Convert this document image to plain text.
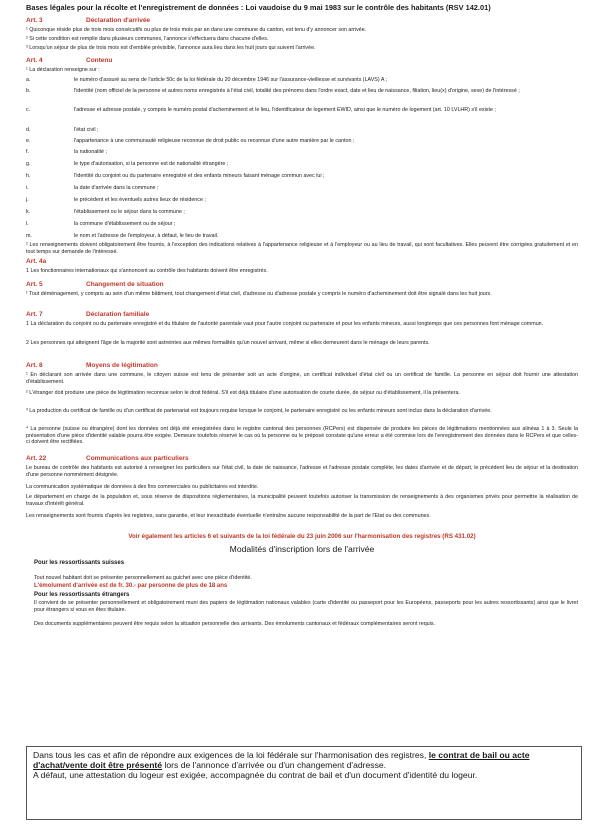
Bases légales pour la récolte et l'enregistrement de données : Loi vaudoise du 9 mai 1983 sur le contrôle des habitants (RSV 142.01)
Art. 3	Déclaration d'arrivée
¹ Quiconque réside plus de trois mois consécutifs ou plus de trois mois par an dans une commune du canton, est tenu d'y annoncer son arrivée.
² Si cette condition est remplie dans plusieurs communes, l'annonce s'effectuera dans chacune d'elles.
³ Lorsqu'un séjour de plus de trois mois est d'emblée prévisible, l'annonce aura lieu dans les huit jours qui suivent l'arrivée.
Art. 4	Contenu
¹ La déclaration renseigne sur :
a.	le numéro d'assuré au sens de l'article 50c de la loi fédérale du 20 décembre 1946 sur l'assurance-vieillesse et survivants (LAVS) A ;
b.	l'identité (nom officiel de la personne et autres noms enregistrés à l'état civil, totalité des prénoms dans l'ordre exact, date et lieu de naissance, filiation, lieu(x) d'origine, sexe) de l'intéressé ;
c.	l'adresse et adresse postale, y compris le numéro postal d'acheminement et le lieu, l'identificateur de logement EWID, ainsi que le numéro de logement (art. 10 LVLHR) s'il existe ;
d.	l'état civil ;
e.	l'appartenance à une communauté religieuse reconnue de droit public ou reconnue d'une autre manière par le canton ;
f.	la nationalité ;
g.	le type d'autorisation, si la personne est de nationalité étrangère ;
h.	l'identité du conjoint ou du partenaire enregistré et des enfants mineurs faisant ménage commun avec lui ;
i.	la date d'arrivée dans la commune ;
j.	le précédent et les éventuels autres lieux de résidence ;
k.	l'établissement ou le séjour dans la commune ;
l.	la commune d'établissement ou de séjour ;
m.	le nom et l'adresse de l'employeur, à défaut, le lieu de travail.
² Les renseignements doivent obligatoirement être fournis, à l'exception des indications relatives à l'appartenance religieuse et à l'employeur ou au lieu de travail, qui sont facultatives. Elles peuvent être corrigées gratuitement et en tout temps sur demande de l'intéressé.
Art. 4a
1 Les fonctionnaires internationaux qui s'annoncent au contrôle des habitants doivent être enregistrés.
Art. 5	Changement de situation
¹ Tout déménagement, y compris au sein d'un même bâtiment, tout changement d'état civil, d'adresse ou d'adresse postale y compris le numéro d'acheminement doit être signalé dans les huit jours.
Art. 7	Déclaration familiale
1 La déclaration du conjoint ou du partenaire enregistré et du titulaire de l'autorité parentale vaut pour l'autre conjoint ou partenaire et pour les enfants mineurs, aussi longtemps que ces personnes font ménage commun.
2 Les personnes qui atteignent l'âge de la majorité sont astreintes aux mêmes formalités qu'un nouvel arrivant, même si elles demeurent dans le ménage de leurs parents.
Art. 8	Moyens de légitimation
¹ En déclarant son arrivée dans une commune, le citoyen suisse est tenu de présenter soit un acte d'origine, un certificat individuel d'état civil ou un certificat de famille. La personne en séjour doit fournir une attestation d'établissement.
² L'étranger doit produire une pièce de légitimation reconnue selon le droit fédéral. S'il est déjà titulaire d'une autorisation de courte durée, de séjour ou d'établissement, il la présentera.
³ La production du certificat de famille ou d'un certificat de partenariat est toujours requise lorsque le conjoint, le partenaire enregistré ou les enfants mineurs sont inclus dans la déclaration d'arrivée.
⁴ La personne (suisse ou étrangère) dont les données ont déjà été enregistrées dans le registre cantonal des personnes (RCPers) est dispensée de produire les pièces de légitimations mentionnées aux alinéas 1 à 3. Seule la présentation d'une pièce d'identité valable pourra être exigée. Demeure toutefois réservé le cas où la personne ou le préposé constate qu'une erreur a été commise lors de l'enregistrement des données dans le RCPers et que celles-ci doivent être rectifiées.
Art. 22	Communications aux particuliers
Le bureau de contrôle des habitants est autorisé à renseigner les particuliers sur l'état civil, la date de naissance, l'adresse et l'adresse postale complète, les dates d'arrivée et de départ, le précédent lieu de séjour et la destination d'une personne nommément désignée.
La communication systématique de données à des fins commerciales ou publicitaires est interdite.
Le département en charge de la population et, sous réserve de dispositions réglementaires, la municipalité peuvent toutefois autoriser la transmission de renseignements à des organismes privés pour permettre la réalisation de travaux d'intérêt général.
Les renseignements sont fournis d'après les registres, sans garantie, et leur inexactitude éventuelle n'entraîne aucune responsabilité de la part de l'Etat ou des communes.
Voir également les articles 6 et suivants de la loi fédérale du 23 juin 2006 sur l'harmonisation des registres (RS 431.02)
Modalités d'inscription lors de l'arrivée
Pour les ressortissants suisses
Tout nouvel habitant doit se présenter personnellement au guichet avec une pièce d'identité.
L'émolument d'arrivée est de fr. 30.- par personne de plus de 18 ans
Pour les ressortissants étrangers
Il convient de se présenter personnellement et obligatoirement muni des papiers de légitimation nationaux valables (carte d'identité ou passeport pour les Européens, passeports pour les autres ressortissants) ainsi que le livret pour étrangers si vous en êtes titulaire.
Des documents supplémentaires peuvent être requis selon la situation personnelle des arrivants. Des émoluments cantonaux et fédéraux complémentaires seront requis.
Dans tous les cas et afin de répondre aux exigences de la loi fédérale sur l'harmonisation des registres, le contrat de bail ou acte d'achat/vente doit être présenté lors de l'annonce d'arrivée ou d'un changement d'adresse.
A défaut, une attestation du logeur est exigée, accompagnée du contrat de bail et d'un document d'identité du logeur.
